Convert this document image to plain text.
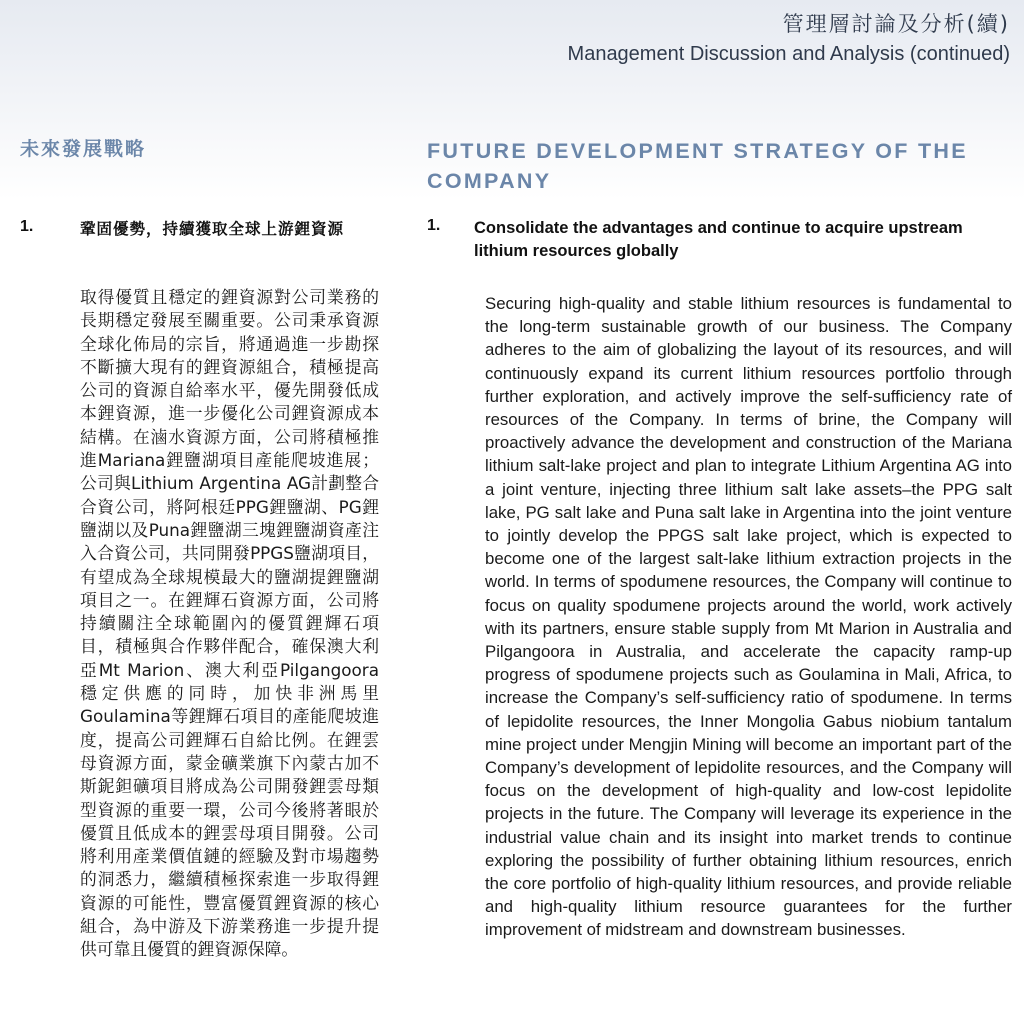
管理層討論及分析(續)
Management Discussion and Analysis (continued)
未來發展戰略
1.	鞏固優勢，持續獲取全球上游鋰資源

取得優質且穩定的鋰資源對公司業務的長期穩定發展至關重要。公司秉承資源全球化佈局的宗旨，將通過進一步勘探不斷擴大現有的鋰資源組合，積極提高公司的資源自給率水平，優先開發低成本鋰資源，進一步優化公司鋰資源成本結構。在滷水資源方面，公司將積極推進Mariana鋰鹽湖項目產能爬坡進展；公司與Lithium Argentina AG計劃整合合資公司，將阿根廷PPG鋰鹽湖、PG鋰鹽湖以及Puna鋰鹽湖三塊鋰鹽湖資產注入合資公司，共同開發PPGS鹽湖項目，有望成為全球規模最大的鹽湖提鋰鹽湖項目之一。在鋰輝石資源方面，公司將持續關注全球範圍內的優質鋰輝石項目，積極與合作夥伴配合，確保澳大利亞Mt Marion、澳大利亞Pilgangoora穩定供應的同時，加快非洲馬里Goulamina等鋰輝石項目的產能爬坡進度，提高公司鋰輝石自給比例。在鋰雲母資源方面，蒙金礦業旗下內蒙古加不斯鈮鉭礦項目將成為公司開發鋰雲母類型資源的重要一環，公司今後將著眼於優質且低成本的鋰雲母項目開發。公司將利用產業價值鏈的經驗及對市場趨勢的洞悉力，繼續積極探索進一步取得鋰資源的可能性，豐富優質鋰資源的核心組合，為中游及下游業務進一步提升提供可靠且優質的鋰資源保障。

FUTURE DEVELOPMENT STRATEGY OF THE COMPANY
1.	Consolidate the advantages and continue to acquire upstream lithium resources globally

Securing high-quality and stable lithium resources is fundamental to the long-term sustainable growth of our business. The Company adheres to the aim of globalizing the layout of its resources, and will continuously expand its current lithium resources portfolio through further exploration, and actively improve the self-sufficiency rate of resources of the Company. In terms of brine, the Company will proactively advance the development and construction of the Mariana lithium salt-lake project and plan to integrate Lithium Argentina AG into a joint venture, injecting three lithium salt lake assets–the PPG salt lake, PG salt lake and Puna salt lake in Argentina into the joint venture to jointly develop the PPGS salt lake project, which is expected to become one of the largest salt-lake lithium extraction projects in the world. In terms of spodumene resources, the Company will continue to focus on quality spodumene projects around the world, work actively with its partners, ensure stable supply from Mt Marion in Australia and Pilgangoora in Australia, and accelerate the capacity ramp-up progress of spodumene projects such as Goulamina in Mali, Africa, to increase the Company’s self-sufficiency ratio of spodumene. In terms of lepidolite resources, the Inner Mongolia Gabus niobium tantalum mine project under Mengjin Mining will become an important part of the Company’s development of lepidolite resources, and the Company will focus on the development of high-quality and low-cost lepidolite projects in the future. The Company will leverage its experience in the industrial value chain and its insight into market trends to continue exploring the possibility of further obtaining lithium resources, enrich the core portfolio of high-quality lithium resources, and provide reliable and high-quality lithium resource guarantees for the further improvement of midstream and downstream businesses.
